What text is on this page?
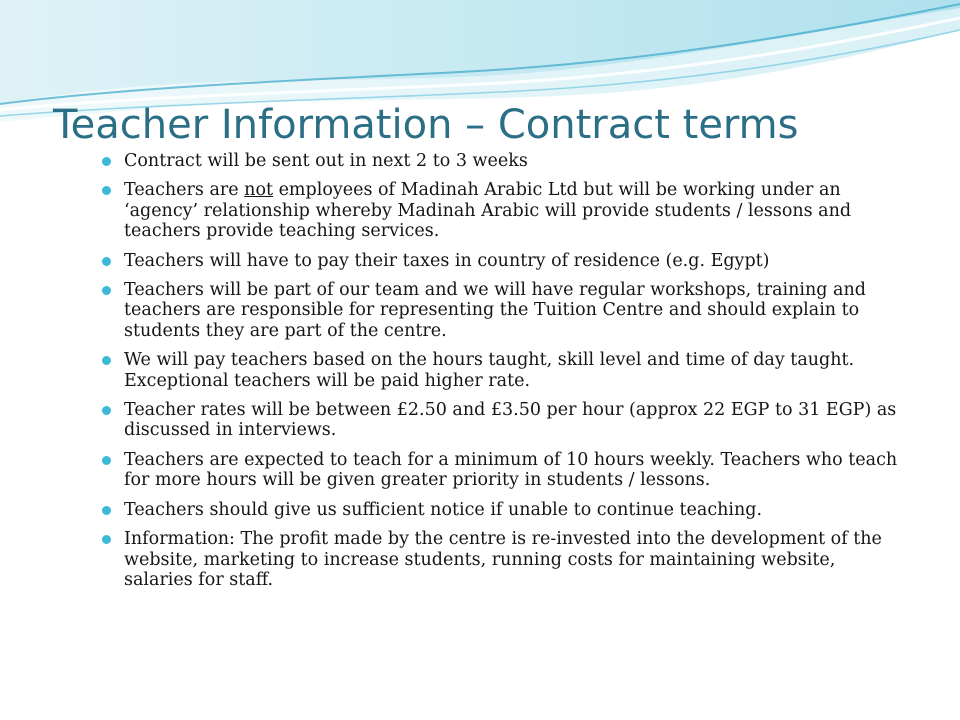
Teacher Information – Contract terms
Contract will be sent out in next 2 to 3 weeks
Teachers are not employees of Madinah Arabic Ltd but will be working under an ‘agency’ relationship whereby Madinah Arabic will provide students / lessons and teachers provide teaching services.
Teachers will have to pay their taxes in country of residence (e.g. Egypt)
Teachers will be part of our team and we will have regular workshops, training and teachers are responsible for representing the Tuition Centre and should explain to students they are part of the centre.
We will pay teachers based on the hours taught, skill level and time of day taught. Exceptional teachers will be paid higher rate.
Teacher rates will be between £2.50 and £3.50 per hour (approx 22 EGP to 31 EGP) as discussed in interviews.
Teachers are expected to teach for a minimum of 10 hours weekly. Teachers who teach for more hours will be given greater priority in students / lessons.
Teachers should give us sufficient notice if unable to continue teaching.
Information: The profit made by the centre is re-invested into the development of the website, marketing to increase students, running costs for maintaining website, salaries for staff.
